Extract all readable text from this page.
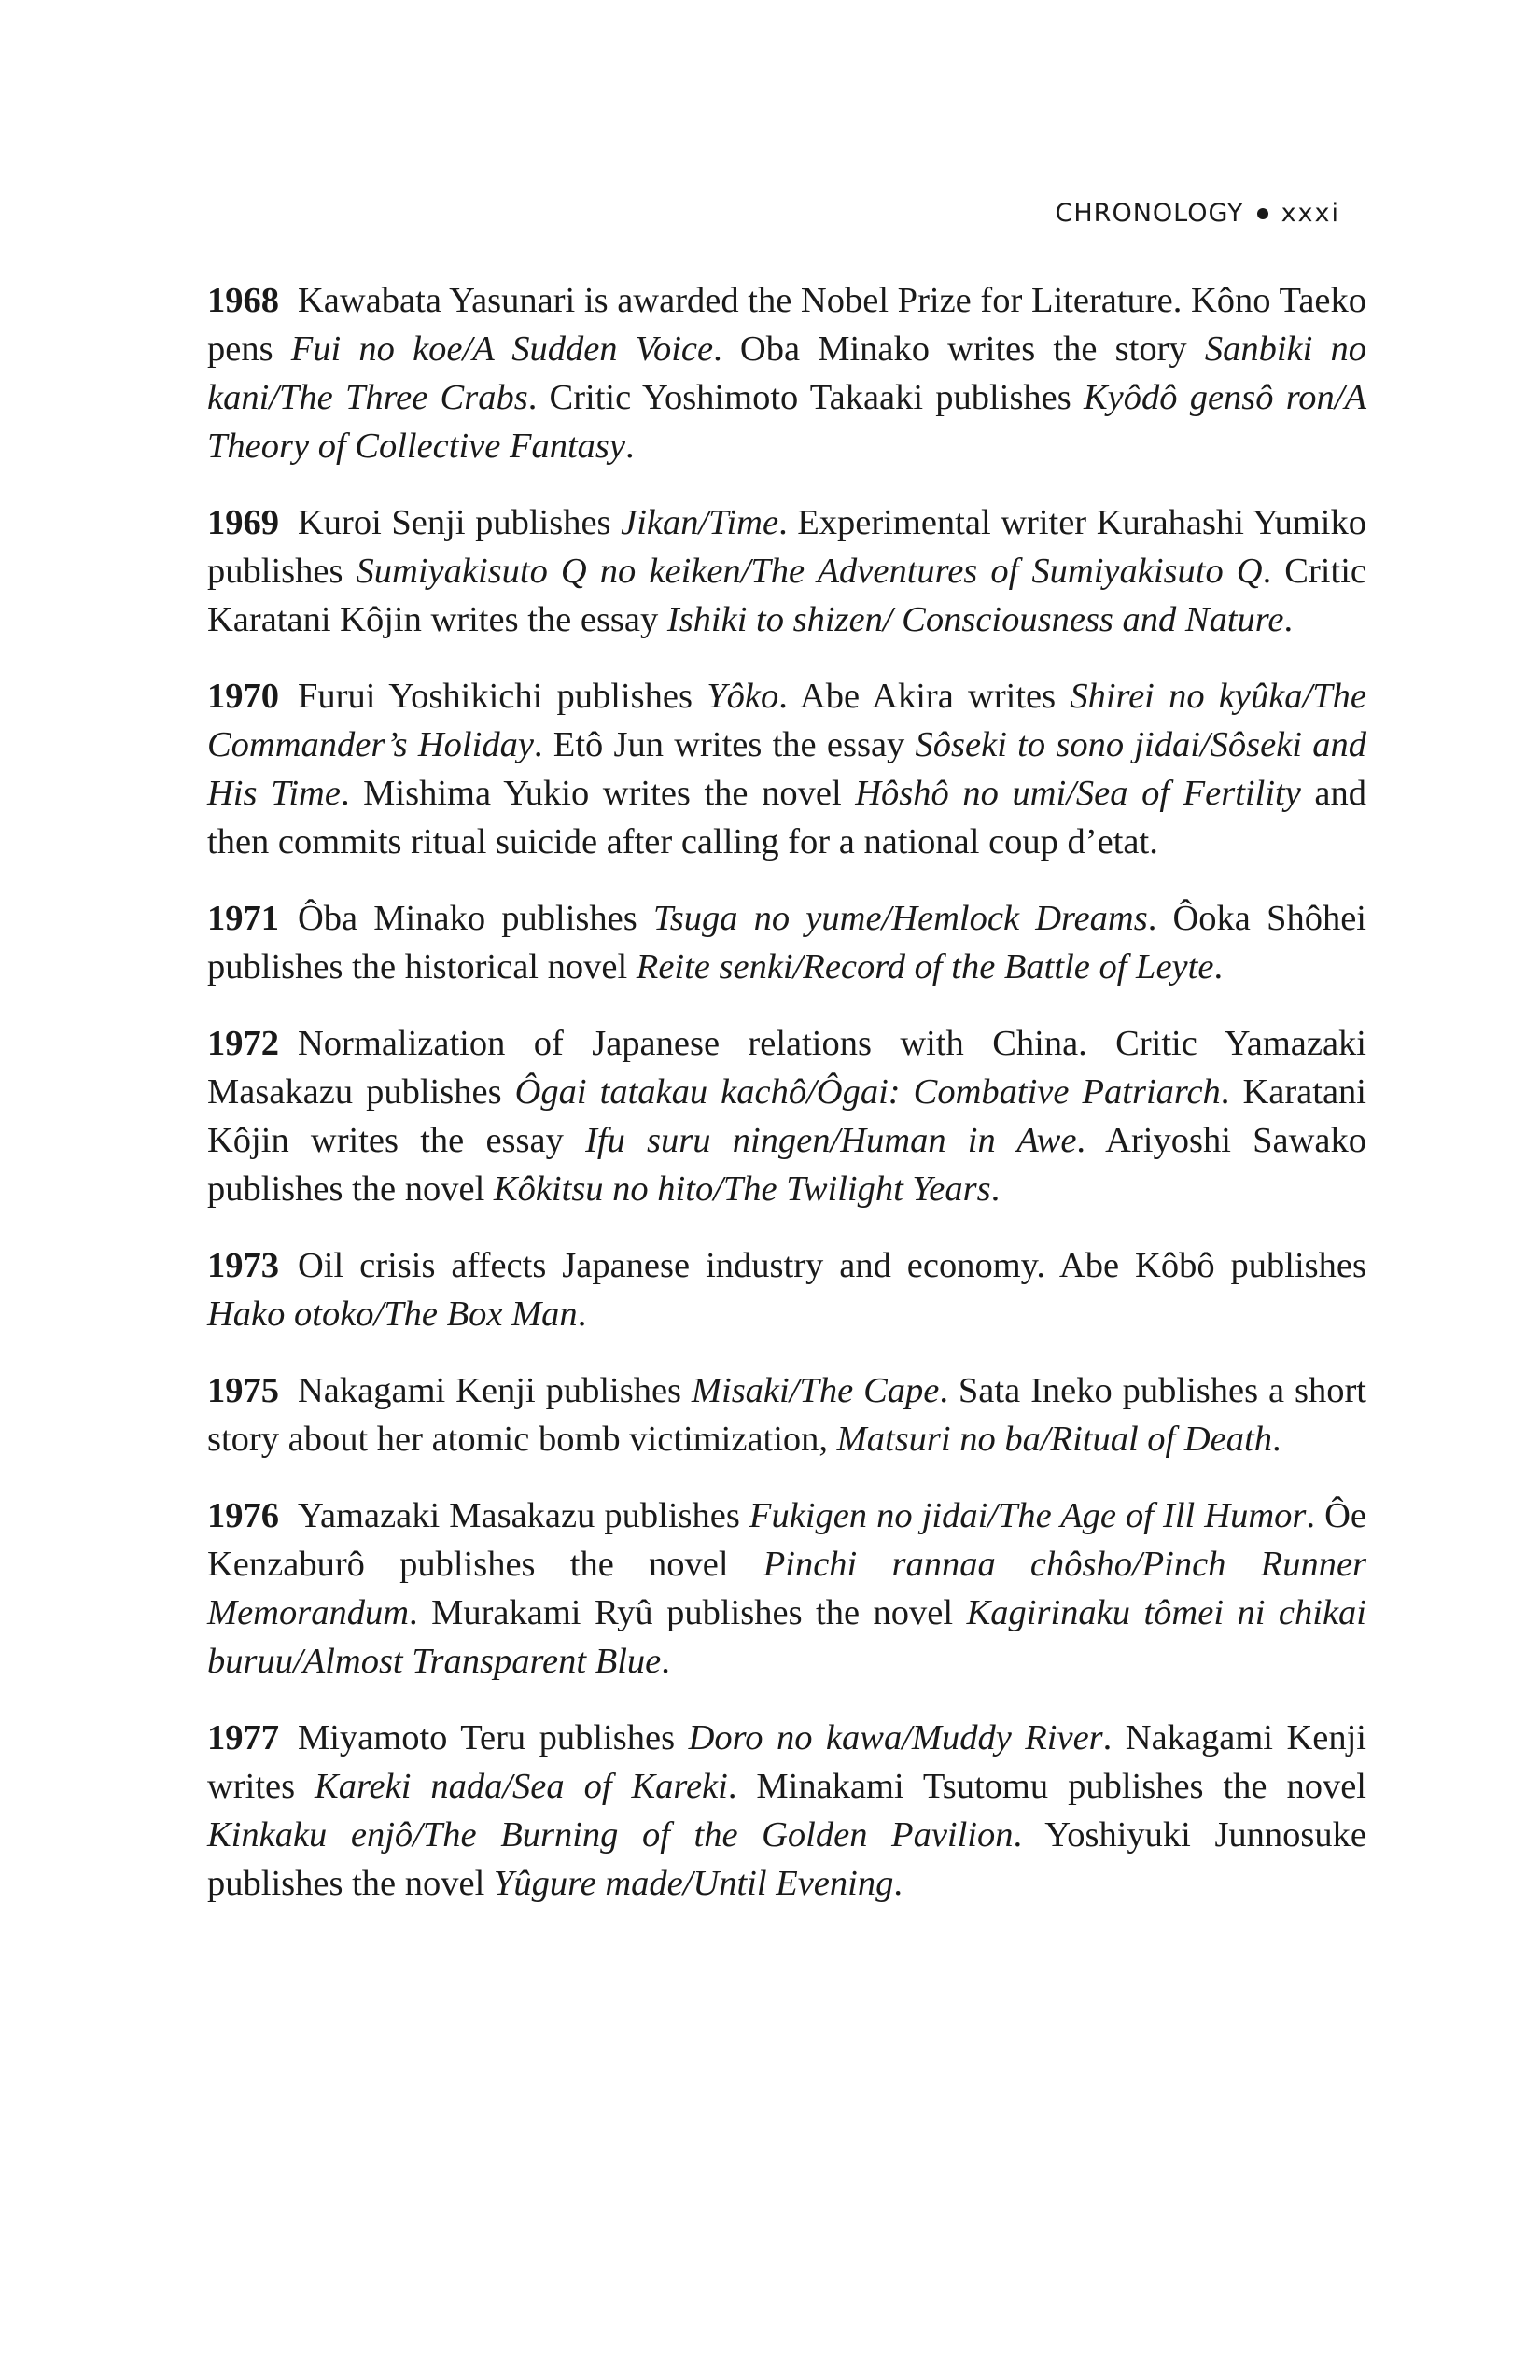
CHRONOLOGY xxxi

1968 Kawabata Yasunari is awarded the Nobel Prize for Literature. Kôno Taeko pens Fui no koe/A Sudden Voice. Oba Minako writes the story Sanbiki no kani/The Three Crabs. Critic Yoshimoto Takaaki publishes Kyôdô gensô ron/A Theory of Collective Fantasy.

1969 Kuroi Senji publishes Jikan/Time. Experimental writer Kurahashi Yumiko publishes Sumiyakisuto Q no keiken/The Adventures of Sumiyakisuto Q. Critic Karatani Kôjin writes the essay Ishiki to shizen/ Consciousness and Nature.

1970 Furui Yoshikichi publishes Yôko. Abe Akira writes Shirei no kyûka/The Commander’s Holiday. Etô Jun writes the essay Sôseki to sono jidai/Sôseki and His Time. Mishima Yukio writes the novel Hôshô no umi/Sea of Fertility and then commits ritual suicide after calling for a national coup d’etat.

1971 Ôba Minako publishes Tsuga no yume/Hemlock Dreams. Ôoka Shôhei publishes the historical novel Reite senki/Record of the Battle of Leyte.

1972 Normalization of Japanese relations with China. Critic Yamazaki Masakazu publishes Ôgai tatakau kachô/Ôgai: Combative Patriarch. Karatani Kôjin writes the essay Ifu suru ningen/Human in Awe. Ariyoshi Sawako publishes the novel Kôkitsu no hito/The Twilight Years.

1973 Oil crisis affects Japanese industry and economy. Abe Kôbô publishes Hako otoko/The Box Man.

1975 Nakagami Kenji publishes Misaki/The Cape. Sata Ineko publishes a short story about her atomic bomb victimization, Matsuri no ba/Ritual of Death.

1976 Yamazaki Masakazu publishes Fukigen no jidai/The Age of Ill Humor. Ôe Kenzaburô publishes the novel Pinchi rannaa chôsho/Pinch Runner Memorandum. Murakami Ryû publishes the novel Kagirinaku tômei ni chikai buruu/Almost Transparent Blue.

1977 Miyamoto Teru publishes Doro no kawa/Muddy River. Nakagami Kenji writes Kareki nada/Sea of Kareki. Minakami Tsutomu publishes the novel Kinkaku enjô/The Burning of the Golden Pavilion. Yoshiyuki Junnosuke publishes the novel Yûgure made/Until Evening.
